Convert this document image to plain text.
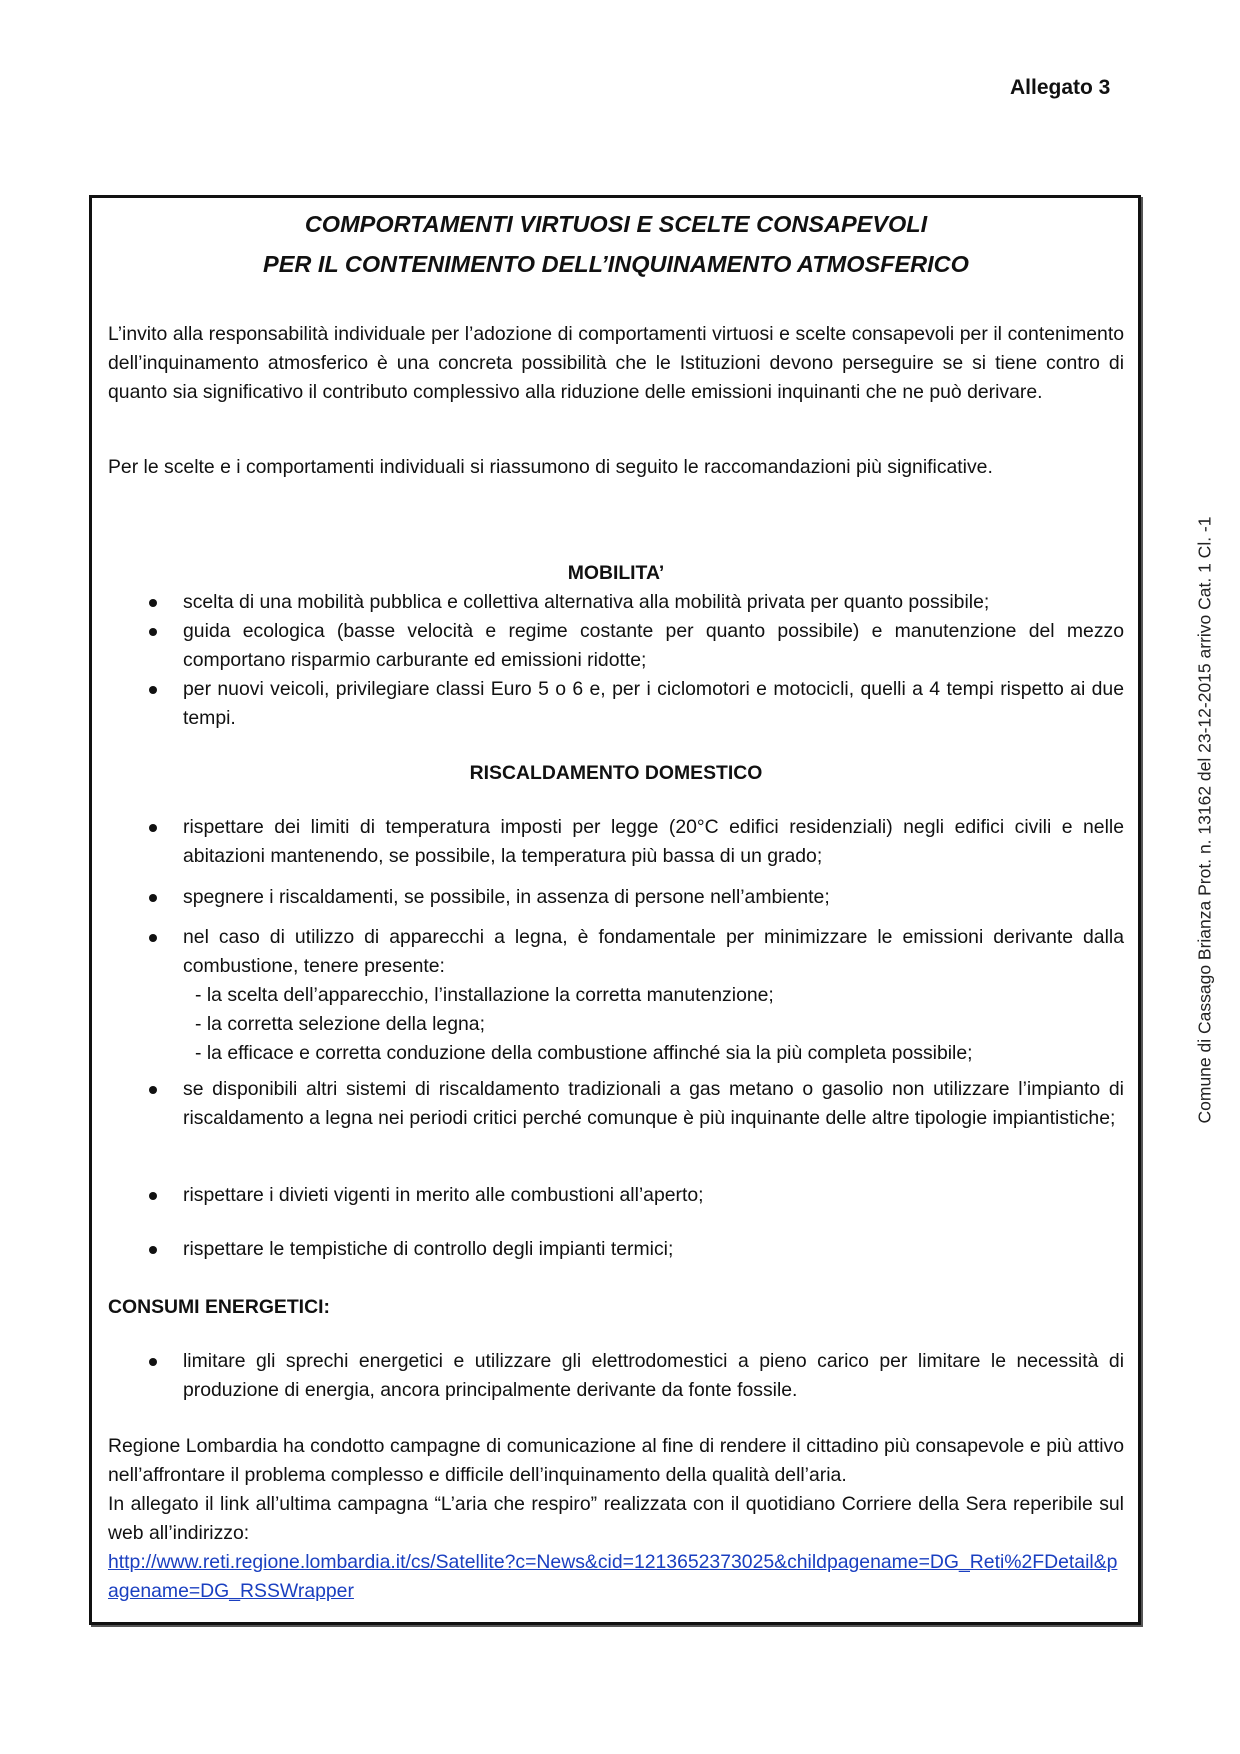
Allegato 3
Comune di Cassago Brianza Prot. n. 13162 del 23-12-2015 arrivo Cat. 1 Cl. -1
COMPORTAMENTI VIRTUOSI E SCELTE CONSAPEVOLI
PER IL CONTENIMENTO DELL’INQUINAMENTO ATMOSFERICO
L’invito alla responsabilità individuale per l’adozione di comportamenti virtuosi e scelte consapevoli per il contenimento dell’inquinamento atmosferico è una concreta possibilità che le Istituzioni devono perseguire se si tiene contro di quanto sia significativo il contributo complessivo alla riduzione delle emissioni inquinanti che ne può derivare.
Per le scelte e i comportamenti individuali si riassumono di seguito le raccomandazioni più significative.
MOBILITA’
scelta di una mobilità pubblica e collettiva alternativa alla mobilità privata per quanto possibile;
guida ecologica (basse velocità e regime costante per quanto possibile) e manutenzione del mezzo comportano risparmio carburante ed emissioni ridotte;
per nuovi veicoli, privilegiare classi Euro 5 o 6 e, per i ciclomotori e motocicli, quelli a 4 tempi rispetto ai due tempi.
RISCALDAMENTO DOMESTICO
rispettare dei limiti di temperatura imposti per legge (20°C edifici residenziali) negli edifici civili e nelle abitazioni mantenendo, se possibile, la temperatura più bassa di un grado;
spegnere i riscaldamenti, se possibile, in assenza di persone nell’ambiente;
nel caso di utilizzo di apparecchi a legna, è fondamentale per minimizzare le emissioni derivante dalla combustione, tenere presente:
- la scelta dell’apparecchio, l’installazione la corretta manutenzione;
- la corretta selezione della legna;
- la efficace e corretta conduzione della combustione affinché sia la più completa possibile;
se disponibili altri sistemi di riscaldamento tradizionali a gas metano o gasolio non utilizzare l’impianto di riscaldamento a legna nei periodi critici perché comunque è più inquinante delle altre tipologie impiantistiche;
rispettare i divieti vigenti in merito alle combustioni all’aperto;
rispettare le tempistiche di controllo degli impianti termici;
CONSUMI ENERGETICI:
limitare gli sprechi energetici e utilizzare gli elettrodomestici a pieno carico per limitare le necessità di produzione di energia, ancora principalmente derivante da fonte fossile.
Regione Lombardia ha condotto campagne di comunicazione al fine di rendere il cittadino più consapevole e più attivo nell’affrontare il problema complesso e difficile dell’inquinamento della qualità dell’aria.
In allegato il link all’ultima campagna “L’aria che respiro” realizzata con il quotidiano Corriere della Sera reperibile sul web all’indirizzo:
http://www.reti.regione.lombardia.it/cs/Satellite?c=News&cid=1213652373025&childpagename=DG_Reti%2FDetail&pagename=DG_RSSWrapper
